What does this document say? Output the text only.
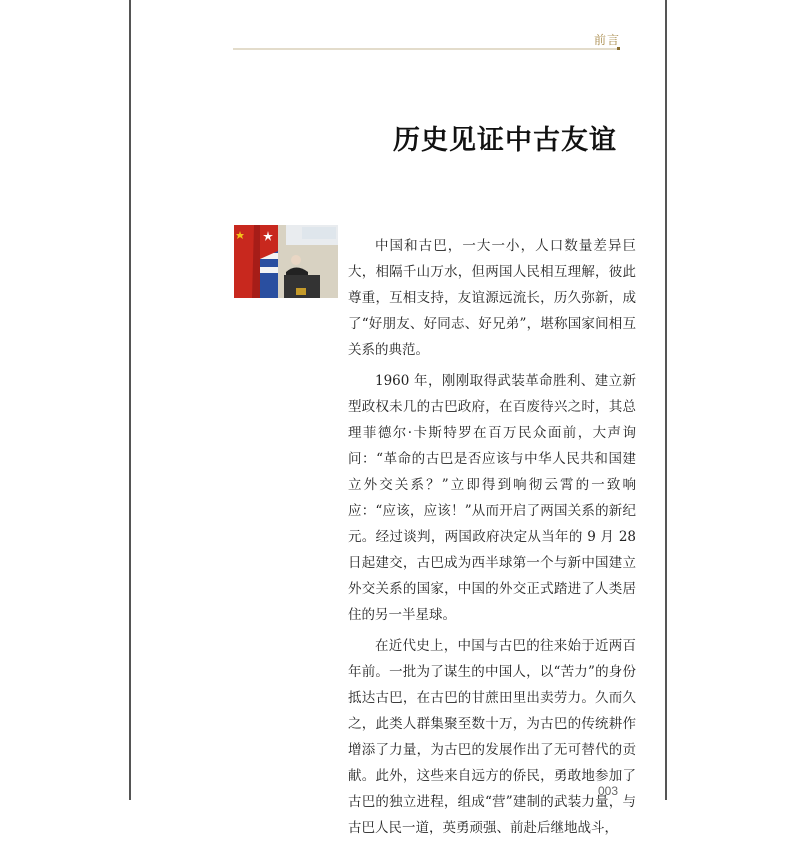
前言
历史见证中古友谊

中国和古巴，一大一小，人口数量差异巨大，相隔千山万水，但两国人民相互理解，彼此尊重，互相支持，友谊源远流长，历久弥新，成了“好朋友、好同志、好兄弟”，堪称国家间相互关系的典范。

1960 年，刚刚取得武装革命胜利、建立新型政权未几的古巴政府，在百废待兴之时，其总理菲德尔·卡斯特罗在百万民众面前，大声询问：“革命的古巴是否应该与中华人民共和国建立外交关系？”立即得到响彻云霄的一致响应：“应该，应该！”从而开启了两国关系的新纪元。经过谈判，两国政府决定从当年的 9 月 28 日起建交，古巴成为西半球第一个与新中国建立外交关系的国家，中国的外交正式踏进了人类居住的另一半星球。

在近代史上，中国与古巴的往来始于近两百年前。一批为了谋生的中国人，以“苦力”的身份抵达古巴，在古巴的甘蔗田里出卖劳力。久而久之，此类人群集聚至数十万，为古巴的传统耕作增添了力量，为古巴的发展作出了无可替代的贡献。此外，这些来自远方的侨民，勇敢地参加了古巴的独立进程，组成“营”建制的武装力量，与古巴人民一道，英勇顽强、前赴后继地战斗，

003
